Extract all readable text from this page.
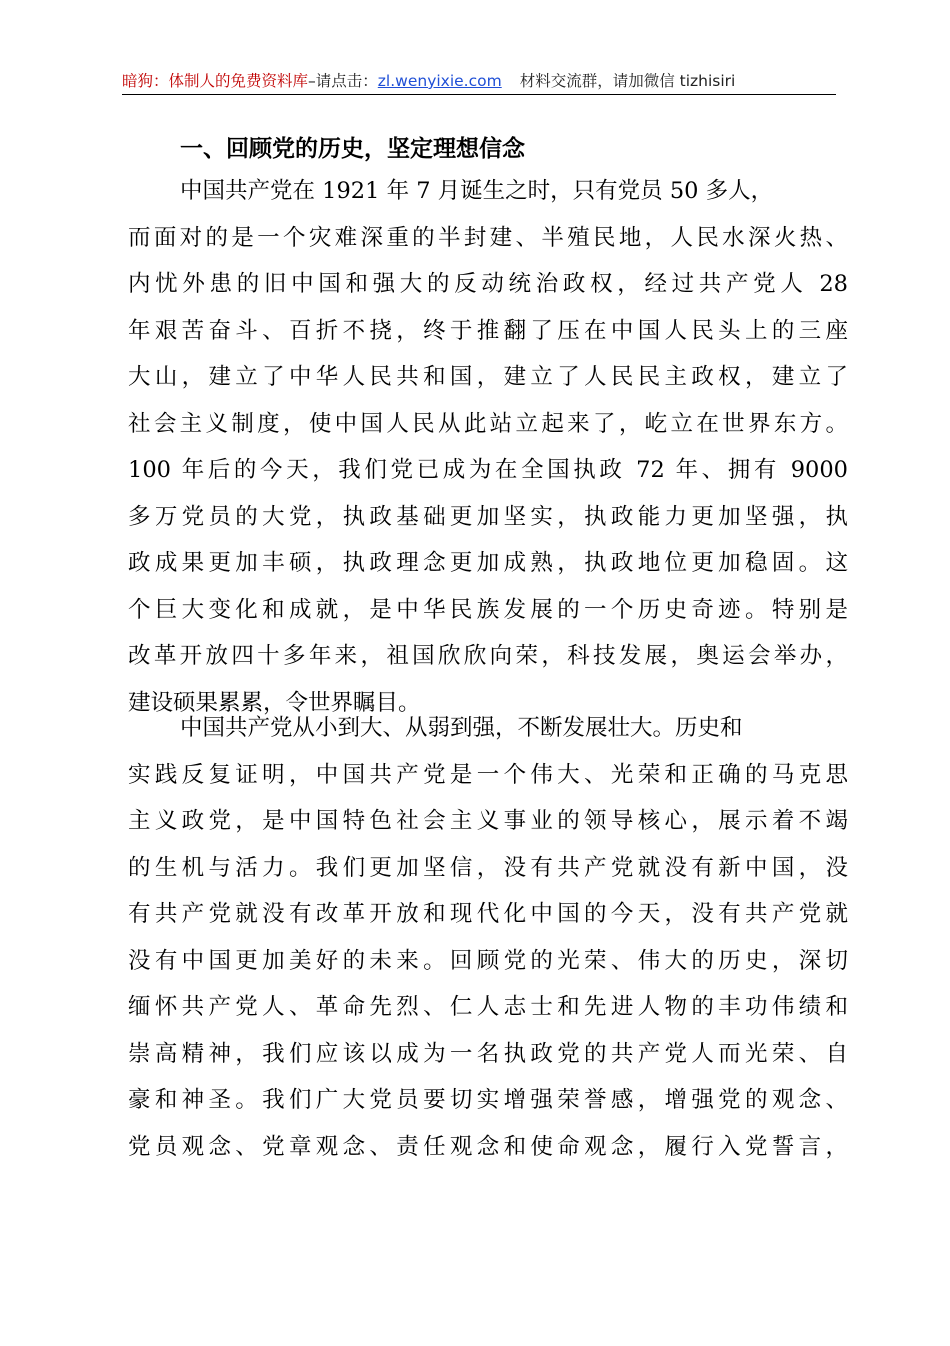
暗狗：体制人的免费资料库–请点击：zl.wenyixie.com 材料交流群，请加微信 tizhisiri
一、回顾党的历史，坚定理想信念
中国共产党在 1921 年 7 月诞生之时，只有党员 50 多人，
而面对的是一个灾难深重的半封建、半殖民地，人民水深火热、
内忧外患的旧中国和强大的反动统治政权，经过共产党人 28
年艰苦奋斗、百折不挠，终于推翻了压在中国人民头上的三座
大山，建立了中华人民共和国，建立了人民民主政权，建立了
社会主义制度，使中国人民从此站立起来了，屹立在世界东方。
100 年后的今天，我们党已成为在全国执政 72 年、拥有 9000
多万党员的大党，执政基础更加坚实，执政能力更加坚强，执
政成果更加丰硕，执政理念更加成熟，执政地位更加稳固。这
个巨大变化和成就，是中华民族发展的一个历史奇迹。特别是
改革开放四十多年来，祖国欣欣向荣，科技发展，奥运会举办，
建设硕果累累，令世界瞩目。
中国共产党从小到大、从弱到强，不断发展壮大。历史和
实践反复证明，中国共产党是一个伟大、光荣和正确的马克思
主义政党，是中国特色社会主义事业的领导核心，展示着不竭
的生机与活力。我们更加坚信，没有共产党就没有新中国，没
有共产党就没有改革开放和现代化中国的今天，没有共产党就
没有中国更加美好的未来。回顾党的光荣、伟大的历史，深切
缅怀共产党人、革命先烈、仁人志士和先进人物的丰功伟绩和
崇高精神，我们应该以成为一名执政党的共产党人而光荣、自
豪和神圣。我们广大党员要切实增强荣誉感，增强党的观念、
党员观念、党章观念、责任观念和使命观念，履行入党誓言，
